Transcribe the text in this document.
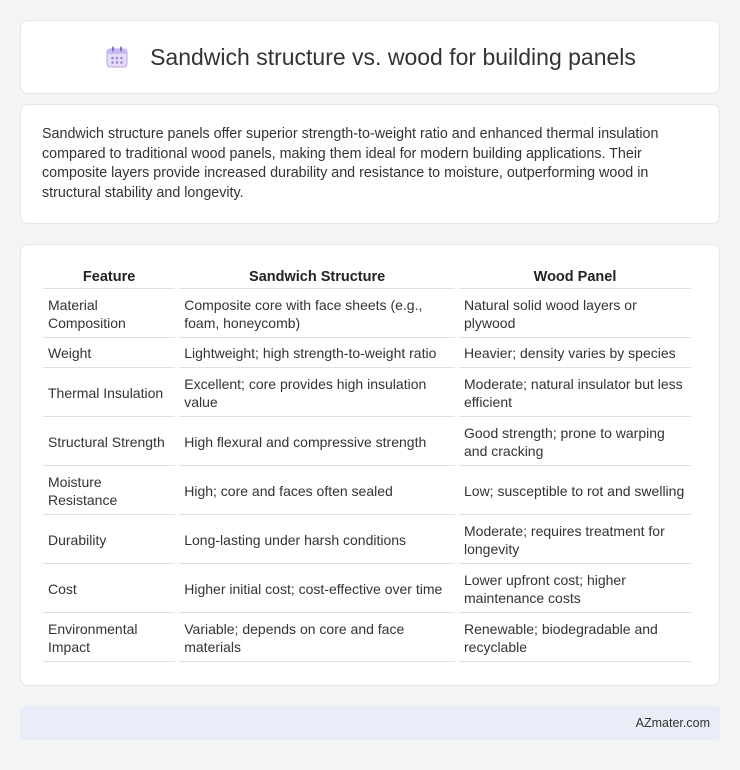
Sandwich structure vs. wood for building panels

Sandwich structure panels offer superior strength-to-weight ratio and enhanced thermal insulation compared to traditional wood panels, making them ideal for modern building applications. Their composite layers provide increased durability and resistance to moisture, outperforming wood in structural stability and longevity.

Feature	Sandwich Structure	Wood Panel
Material Composition	Composite core with face sheets (e.g., foam, honeycomb)	Natural solid wood layers or plywood
Weight	Lightweight; high strength-to-weight ratio	Heavier; density varies by species
Thermal Insulation	Excellent; core provides high insulation value	Moderate; natural insulator but less efficient
Structural Strength	High flexural and compressive strength	Good strength; prone to warping and cracking
Moisture Resistance	High; core and faces often sealed	Low; susceptible to rot and swelling
Durability	Long-lasting under harsh conditions	Moderate; requires treatment for longevity
Cost	Higher initial cost; cost-effective over time	Lower upfront cost; higher maintenance costs
Environmental Impact	Variable; depends on core and face materials	Renewable; biodegradable and recyclable
AZmater.com
